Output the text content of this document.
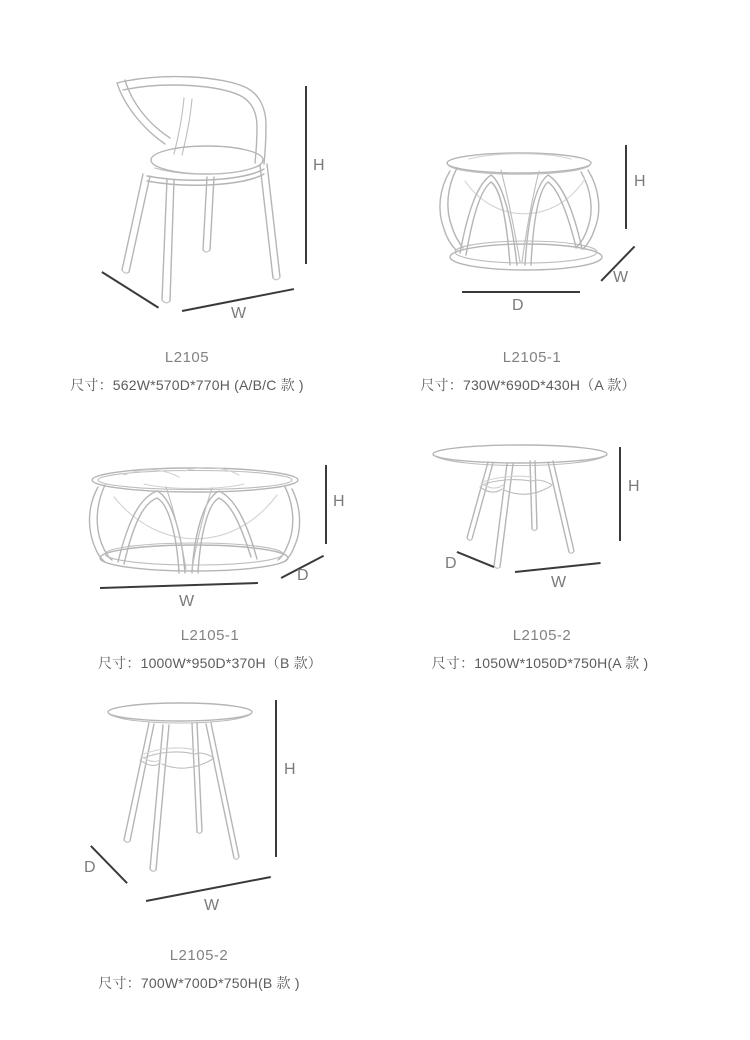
H
W
L2105
尺寸：562W*570D*770H (A/B/C 款 )
H
W
D
L2105-1
尺寸：730W*690D*430H（A 款）
H
D
W
L2105-1
尺寸：1000W*950D*370H（B 款）
H
D
W
L2105-2
尺寸：1050W*1050D*750H(A 款 )
H
D
W
L2105-2
尺寸：700W*700D*750H(B 款 )
